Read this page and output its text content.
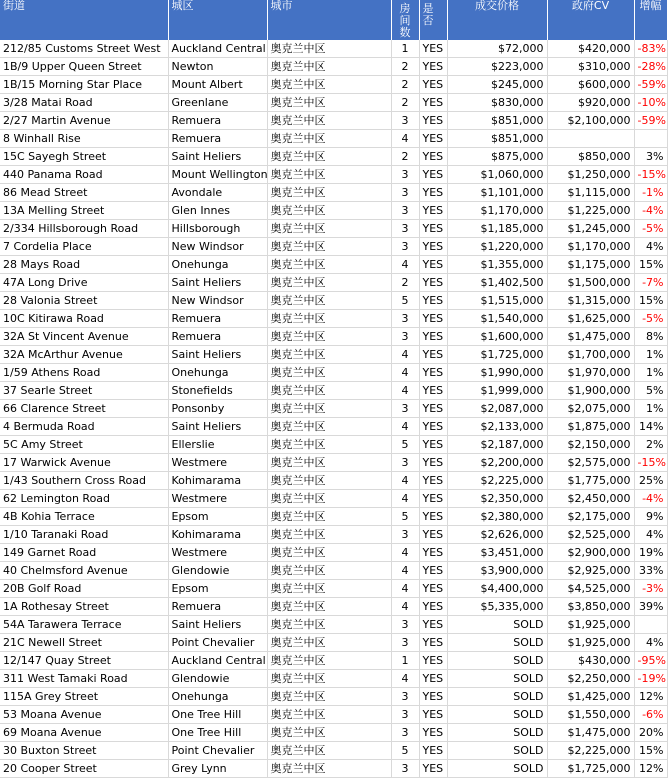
街道	城区	城市	房间数	是否	成交价格	政府CV	增幅
212/85 Customs Street West	Auckland Central	奥克兰中区	1	YES	$72,000	$420,000	-83%
1B/9 Upper Queen Street	Newton	奥克兰中区	2	YES	$223,000	$310,000	-28%
1B/15 Morning Star Place	Mount Albert	奥克兰中区	2	YES	$245,000	$600,000	-59%
3/28 Matai Road	Greenlane	奥克兰中区	2	YES	$830,000	$920,000	-10%
2/27 Martin Avenue	Remuera	奥克兰中区	3	YES	$851,000	$2,100,000	-59%
8 Winhall Rise	Remuera	奥克兰中区	4	YES	$851,000		
15C Sayegh Street	Saint Heliers	奥克兰中区	2	YES	$875,000	$850,000	3%
440 Panama Road	Mount Wellington	奥克兰中区	3	YES	$1,060,000	$1,250,000	-15%
86 Mead Street	Avondale	奥克兰中区	3	YES	$1,101,000	$1,115,000	-1%
13A Melling Street	Glen Innes	奥克兰中区	3	YES	$1,170,000	$1,225,000	-4%
2/334 Hillsborough Road	Hillsborough	奥克兰中区	3	YES	$1,185,000	$1,245,000	-5%
7 Cordelia Place	New Windsor	奥克兰中区	3	YES	$1,220,000	$1,170,000	4%
28 Mays Road	Onehunga	奥克兰中区	4	YES	$1,355,000	$1,175,000	15%
47A Long Drive	Saint Heliers	奥克兰中区	2	YES	$1,402,500	$1,500,000	-7%
28 Valonia Street	New Windsor	奥克兰中区	5	YES	$1,515,000	$1,315,000	15%
10C Kitirawa Road	Remuera	奥克兰中区	3	YES	$1,540,000	$1,625,000	-5%
32A St Vincent Avenue	Remuera	奥克兰中区	3	YES	$1,600,000	$1,475,000	8%
32A McArthur Avenue	Saint Heliers	奥克兰中区	4	YES	$1,725,000	$1,700,000	1%
1/59 Athens Road	Onehunga	奥克兰中区	4	YES	$1,990,000	$1,970,000	1%
37 Searle Street	Stonefields	奥克兰中区	4	YES	$1,999,000	$1,900,000	5%
66 Clarence Street	Ponsonby	奥克兰中区	3	YES	$2,087,000	$2,075,000	1%
4 Bermuda Road	Saint Heliers	奥克兰中区	4	YES	$2,133,000	$1,875,000	14%
5C Amy Street	Ellerslie	奥克兰中区	5	YES	$2,187,000	$2,150,000	2%
17 Warwick Avenue	Westmere	奥克兰中区	3	YES	$2,200,000	$2,575,000	-15%
1/43 Southern Cross Road	Kohimarama	奥克兰中区	4	YES	$2,225,000	$1,775,000	25%
62 Lemington Road	Westmere	奥克兰中区	4	YES	$2,350,000	$2,450,000	-4%
4B Kohia Terrace	Epsom	奥克兰中区	5	YES	$2,380,000	$2,175,000	9%
1/10 Taranaki Road	Kohimarama	奥克兰中区	3	YES	$2,626,000	$2,525,000	4%
149 Garnet Road	Westmere	奥克兰中区	4	YES	$3,451,000	$2,900,000	19%
40 Chelmsford Avenue	Glendowie	奥克兰中区	4	YES	$3,900,000	$2,925,000	33%
20B Golf Road	Epsom	奥克兰中区	4	YES	$4,400,000	$4,525,000	-3%
1A Rothesay Street	Remuera	奥克兰中区	4	YES	$5,335,000	$3,850,000	39%
54A Tarawera Terrace	Saint Heliers	奥克兰中区	3	YES	SOLD	$1,925,000	
21C Newell Street	Point Chevalier	奥克兰中区	3	YES	SOLD	$1,925,000	4%
12/147 Quay Street	Auckland Central	奥克兰中区	1	YES	SOLD	$430,000	-95%
311 West Tamaki Road	Glendowie	奥克兰中区	4	YES	SOLD	$2,250,000	-19%
115A Grey Street	Onehunga	奥克兰中区	3	YES	SOLD	$1,425,000	12%
53 Moana Avenue	One Tree Hill	奥克兰中区	3	YES	SOLD	$1,550,000	-6%
69 Moana Avenue	One Tree Hill	奥克兰中区	3	YES	SOLD	$1,475,000	20%
30 Buxton Street	Point Chevalier	奥克兰中区	5	YES	SOLD	$2,225,000	15%
20 Cooper Street	Grey Lynn	奥克兰中区	3	YES	SOLD	$1,725,000	12%
